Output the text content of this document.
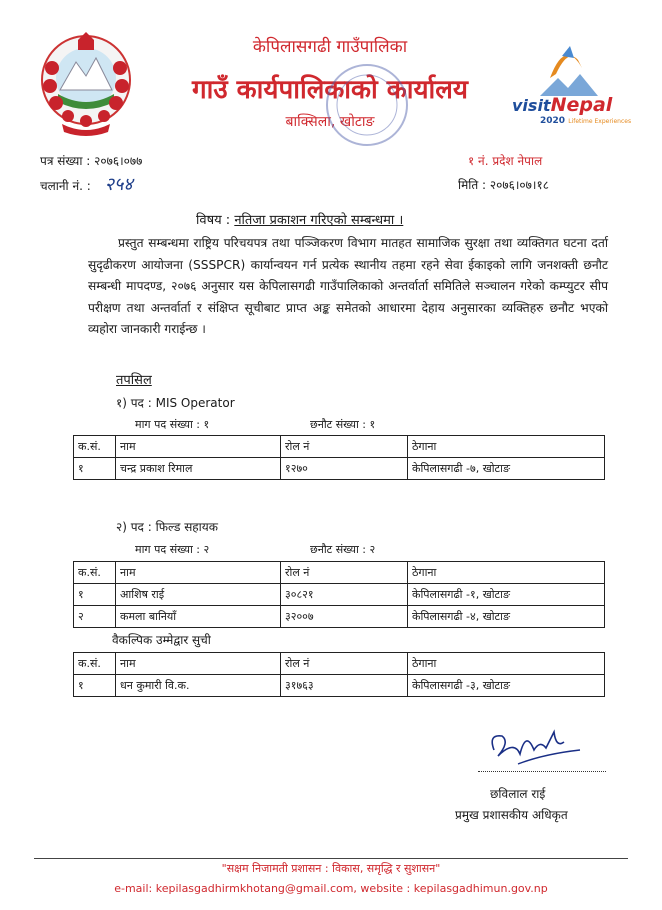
केपिलासगढी गाउँपालिका
गाउँ कार्यपालिकाको कार्यालय
बाक्सिला, खोटाङ
visitNepal
2020 Lifetime Experiences
पत्र संख्या : २०७६।०७७
चलानी नं. : २५४
१ नं. प्रदेश नेपाल
मिति : २०७६।०७।१८
विषय : नतिजा प्रकाशन गरिएको सम्बन्धमा ।
प्रस्तुत सम्बन्धमा राष्ट्रिय परिचयपत्र तथा पञ्जिकरण विभाग मातहत सामाजिक सुरक्षा तथा व्यक्तिगत घटना दर्ता सुदृढीकरण आयोजना (SSSPCR) कार्यान्वयन गर्न प्रत्येक स्थानीय तहमा रहने सेवा ईकाइको लागि जनशक्ती छनौट सम्बन्धी मापदण्ड, २०७६ अनुसार यस केपिलासगढी गाउँपालिकाको अन्तर्वार्ता समितिले सञ्चालन गरेको कम्प्युटर सीप परीक्षण तथा अन्तर्वार्ता र संक्षिप्त सूचीबाट प्राप्त अङ्क समेतको आधारमा देहाय अनुसारका व्यक्तिहरु छनौट भएको व्यहोरा जानकारी गराईन्छ ।
तपसिल
१) पद : MIS Operator
माग पद संख्या : १	छनौट संख्या : १
क.सं.	नाम	रोल नं	ठेगाना
१	चन्द्र प्रकाश रिमाल	१२७०	केपिलासगढी -७, खोटाङ
२) पद : फिल्ड सहायक
माग पद संख्या : २	छनौट संख्या : २
क.सं.	नाम	रोल नं	ठेगाना
१	आशिष राई	३०८२१	केपिलासगढी -१, खोटाङ
२	कमला बानियाँ	३२००७	केपिलासगढी -४, खोटाङ
वैकल्पिक उम्मेद्वार सुची
क.सं.	नाम	रोल नं	ठेगाना
१	धन कुमारी वि.क.	३१७६३	केपिलासगढी -३, खोटाङ
छविलाल राई
प्रमुख प्रशासकीय अधिकृत
"सक्षम निजामती प्रशासन : विकास, समृद्धि र सुशासन"
e-mail: kepilasgadhirmkhotang@gmail.com, website : kepilasgadhimun.gov.np
